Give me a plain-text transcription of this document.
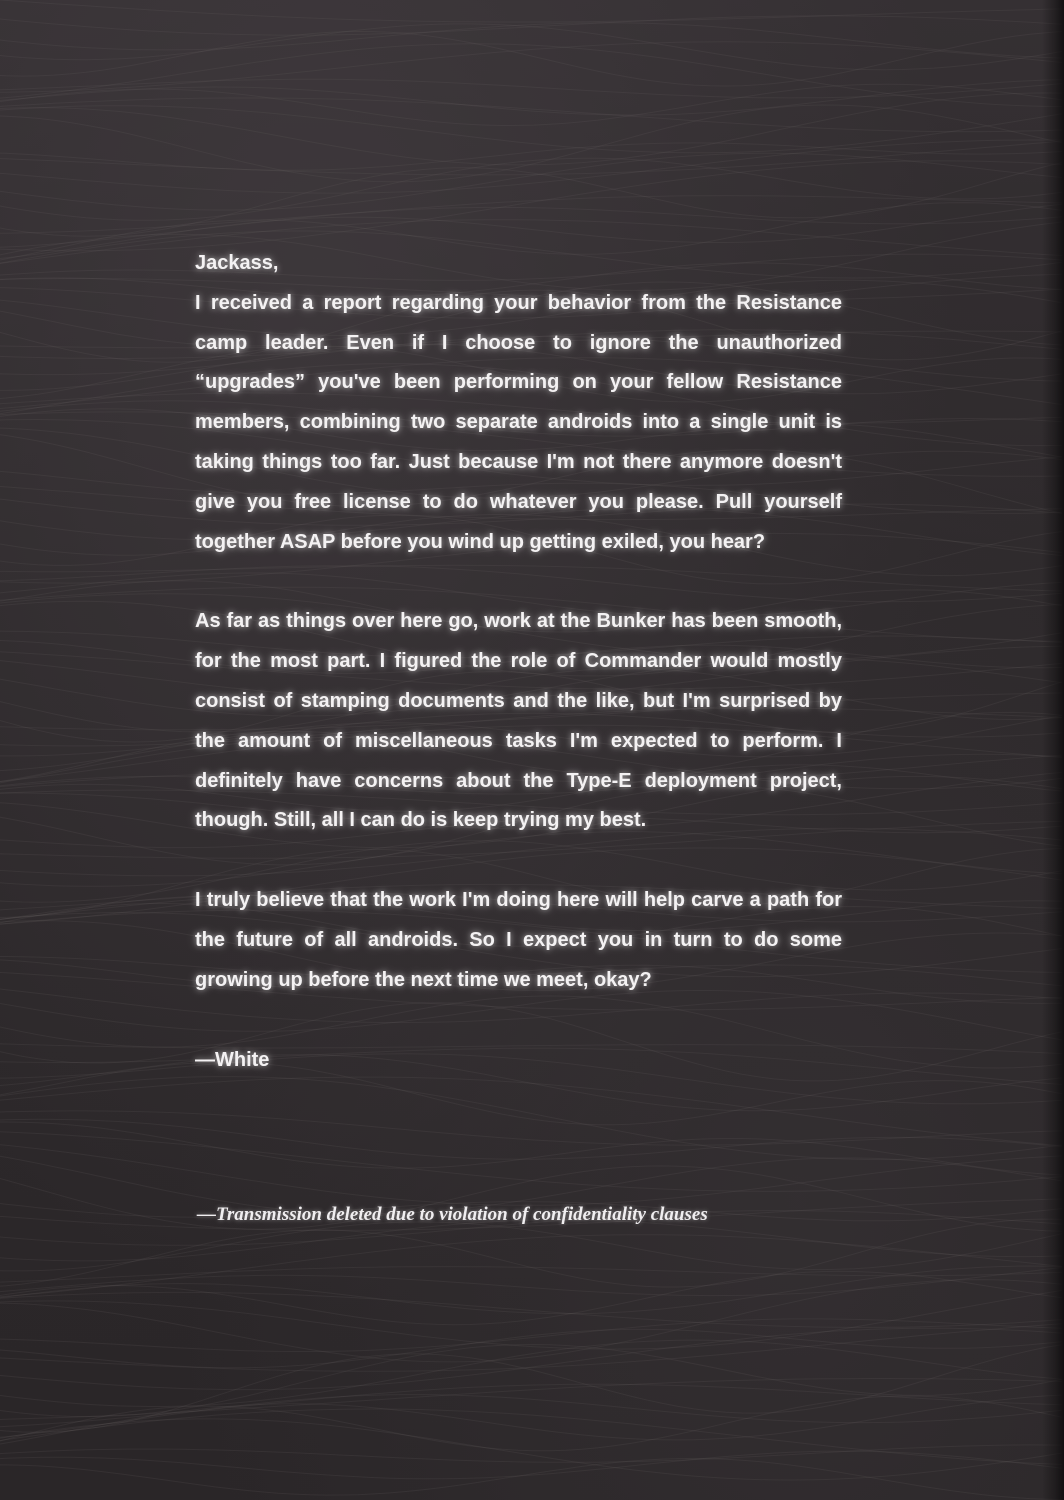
Jackass,

I received a report regarding your behavior from the Resistance camp leader. Even if I choose to ignore the unauthorized “upgrades” you've been performing on your fellow Resistance members, combining two separate androids into a single unit is taking things too far. Just because I'm not there anymore doesn't give you free license to do whatever you please. Pull yourself together ASAP before you wind up getting exiled, you hear?

As far as things over here go, work at the Bunker has been smooth, for the most part. I figured the role of Commander would mostly consist of stamping documents and the like, but I'm surprised by the amount of miscellaneous tasks I'm expected to perform. I definitely have concerns about the Type-E deployment project, though. Still, all I can do is keep trying my best.

I truly believe that the work I'm doing here will help carve a path for the future of all androids. So I expect you in turn to do some growing up before the next time we meet, okay?

—White

—Transmission deleted due to violation of confidentiality clauses
